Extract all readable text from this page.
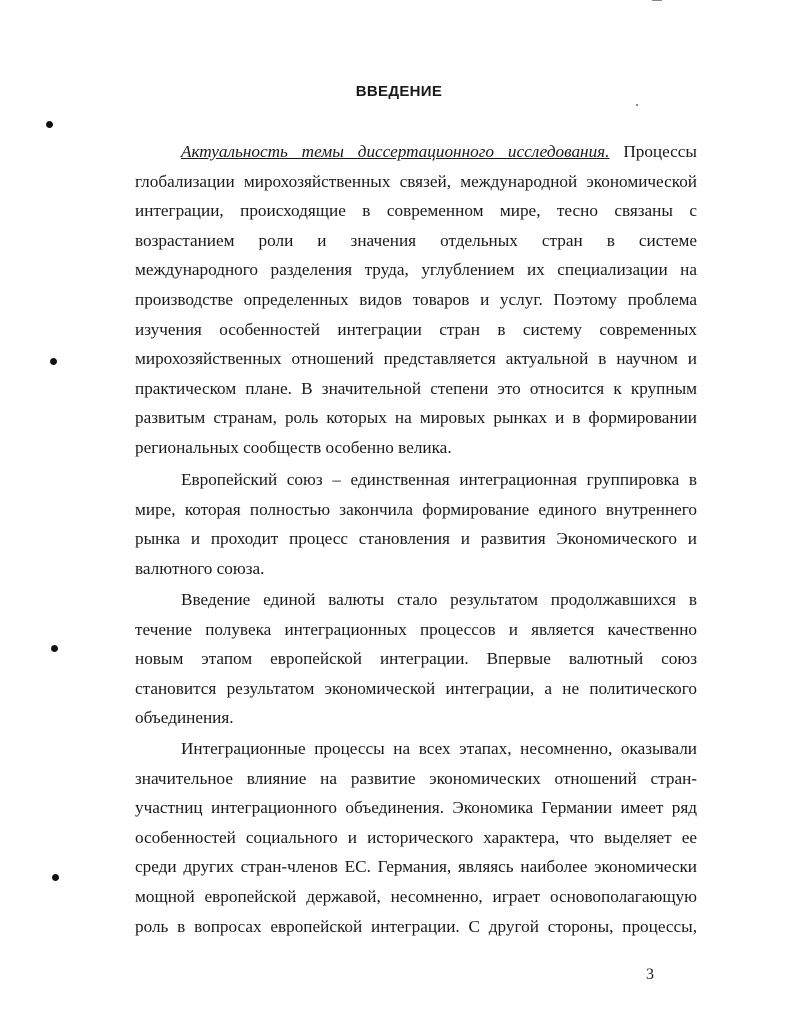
ВВЕДЕНИЕ
Актуальность темы диссертационного исследования. Процессы
глобализации мирохозяйственных связей, международной экономической
интеграции, происходящие в современном мире, тесно связаны с
возрастанием роли и значения отдельных стран в системе
международного разделения труда, углублением их специализации на
производстве определенных видов товаров и услуг. Поэтому проблема
изучения особенностей интеграции стран в систему современных
мирохозяйственных отношений представляется актуальной в научном и
практическом плане. В значительной степени это относится к крупным
развитым странам, роль которых на мировых рынках и в формировании
региональных сообществ особенно велика.
Европейский союз – единственная интеграционная группировка в
мире, которая полностью закончила формирование единого внутреннего
рынка и проходит процесс становления и развития Экономического и
валютного союза.
Введение единой валюты стало результатом продолжавшихся в
течение полувека интеграционных процессов и является качественно
новым этапом европейской интеграции. Впервые валютный союз
становится результатом экономической интеграции, а не политического
объединения.
Интеграционные процессы на всех этапах, несомненно, оказывали
значительное влияние на развитие экономических отношений стран-
участниц интеграционного объединения. Экономика Германии имеет ряд
особенностей социального и исторического характера, что выделяет ее
среди других стран-членов ЕС. Германия, являясь наиболее экономически
мощной европейской державой, несомненно, играет основополагающую
роль в вопросах европейской интеграции. С другой стороны, процессы,
3
